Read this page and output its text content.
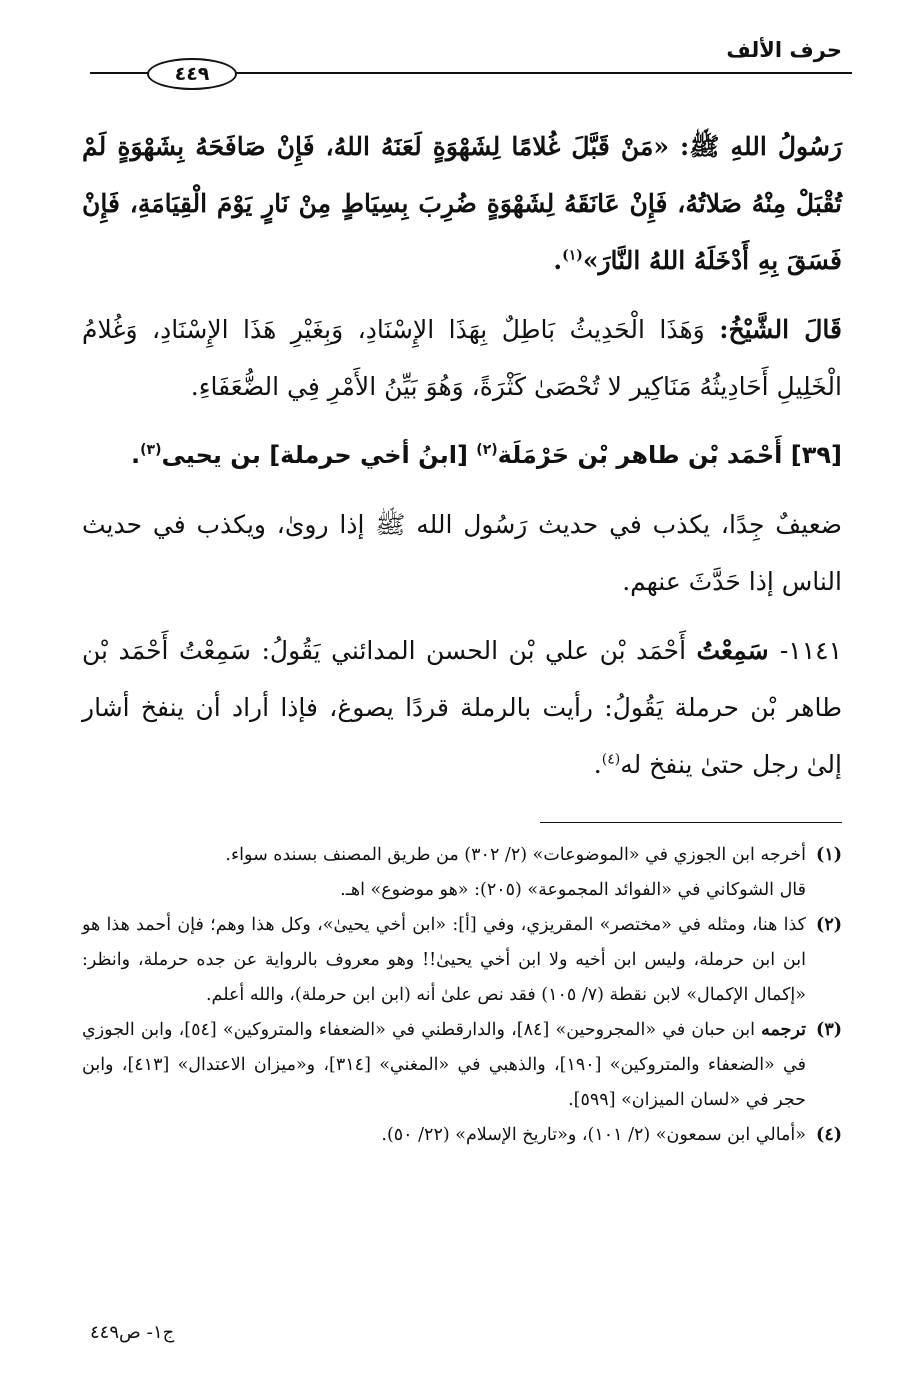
حرف الألف
٤٤٩

رَسُولُ اللهِ ﷺ: «مَنْ قَبَّلَ غُلامًا لِشَهْوَةٍ لَعَنَهُ اللهُ، فَإِنْ صَافَحَهُ بِشَهْوَةٍ لَمْ تُقْبَلْ مِنْهُ صَلاتُهُ، فَإِنْ عَانَقَهُ لِشَهْوَةٍ ضُرِبَ بِسِيَاطٍ مِنْ نَارٍ يَوْمَ الْقِيَامَةِ، فَإِنْ فَسَقَ بِهِ أَدْخَلَهُ اللهُ النَّارَ»$^{(١)}$.

قَالَ الشَّيْخُ: وَهَذَا الْحَدِيثُ بَاطِلٌ بِهَذَا الإِسْنَادِ، وَبِغَيْرِ هَذَا الإِسْنَادِ، وَغُلامُ الْخَلِيلِ أَحَادِيثُهُ مَنَاكِير لا تُحْصَىٰ كَثْرَةً، وَهُوَ بَيِّنُ الأَمْرِ فِي الضُّعَفَاءِ.

[٣٩] أَحْمَد بْن طاهر بْن حَرْمَلَة$^{(٢)}$ [ابنُ أخي حرملة] بن يحيى$^{(٣)}$.

ضعيفٌ جِدًا، يكذب في حديث رَسُول الله ﷺ إذا روىٰ، ويكذب في حديث الناس إذا حَدَّثَ عنهم.

١١٤١- سَمِعْتُ أَحْمَد بْن علي بْن الحسن المدائني يَقُولُ: سَمِعْتُ أَحْمَد بْن طاهر بْن حرملة يَقُولُ: رأيت بالرملة قردًا يصوغ، فإذا أراد أن ينفخ أشار إلىٰ رجل حتىٰ ينفخ له$^{(٤)}$.

(١)

أخرجه ابن الجوزي في «الموضوعات» (٢/ ٣٠٢) من طريق المصنف بسنده سواء.

قال الشوكاني في «الفوائد المجموعة» (٢٠٥): «هو موضوع» اهـ.

(٢)

كذا هنا، ومثله في «مختصر» المقريزي، وفي [أ]: «ابن أخي يحيىٰ»، وكل هذا وهم؛ فإن أحمد هذا هو ابن ابن حرملة، وليس ابن أخيه ولا ابن أخي يحيىٰ!! وهو معروف بالرواية عن جده حرملة، وانظر: «إكمال الإكمال» لابن نقطة (٧/ ١٠٥) فقد نص علىٰ أنه (ابن ابن حرملة)، والله أعلم.

(٣)

ترجمه ابن حبان في «المجروحين» [٨٤]، والدارقطني في «الضعفاء والمتروكين» [٥٤]، وابن الجوزي في «الضعفاء والمتروكين» [١٩٠]، والذهبي في «المغني» [٣١٤]، و«ميزان الاعتدال» [٤١٣]، وابن حجر في «لسان الميزان» [٥٩٩].

(٤)

«أمالي ابن سمعون» (٢/ ١٠١)، و«تاريخ الإسلام» (٢٢/ ٥٠).

ج١- ص٤٤٩
